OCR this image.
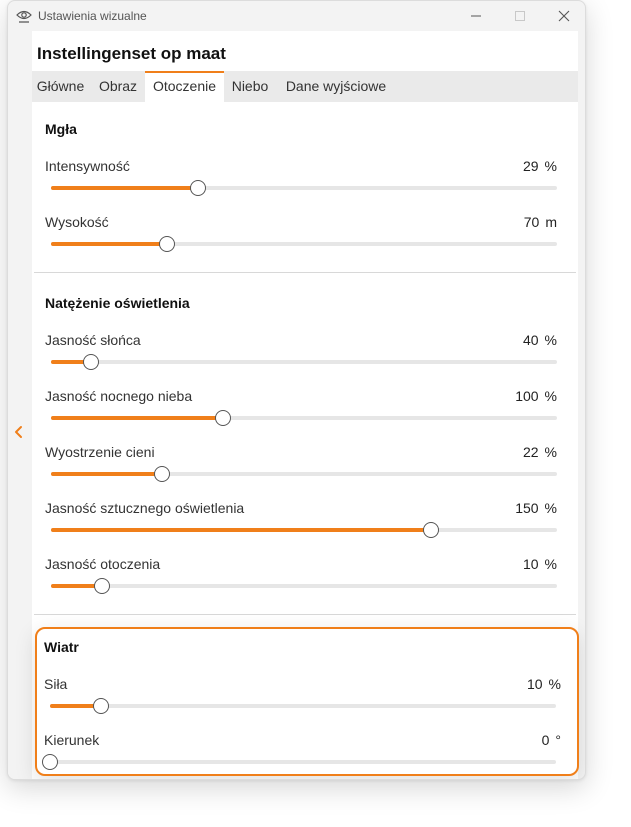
Ustawienia wizualne
Instellingenset op maat
Główne	Obraz	Otoczenie	Niebo	Dane wyjściowe
Mgła
Intensywność	29 %
Wysokość	70 m
Natężenie oświetlenia
Jasność słońca	40 %
Jasność nocnego nieba	100 %
Wyostrzenie cieni	22 %
Jasność sztucznego oświetlenia	150 %
Jasność otoczenia	10 %
Wiatr
Siła	10 %
Kierunek	0 °
